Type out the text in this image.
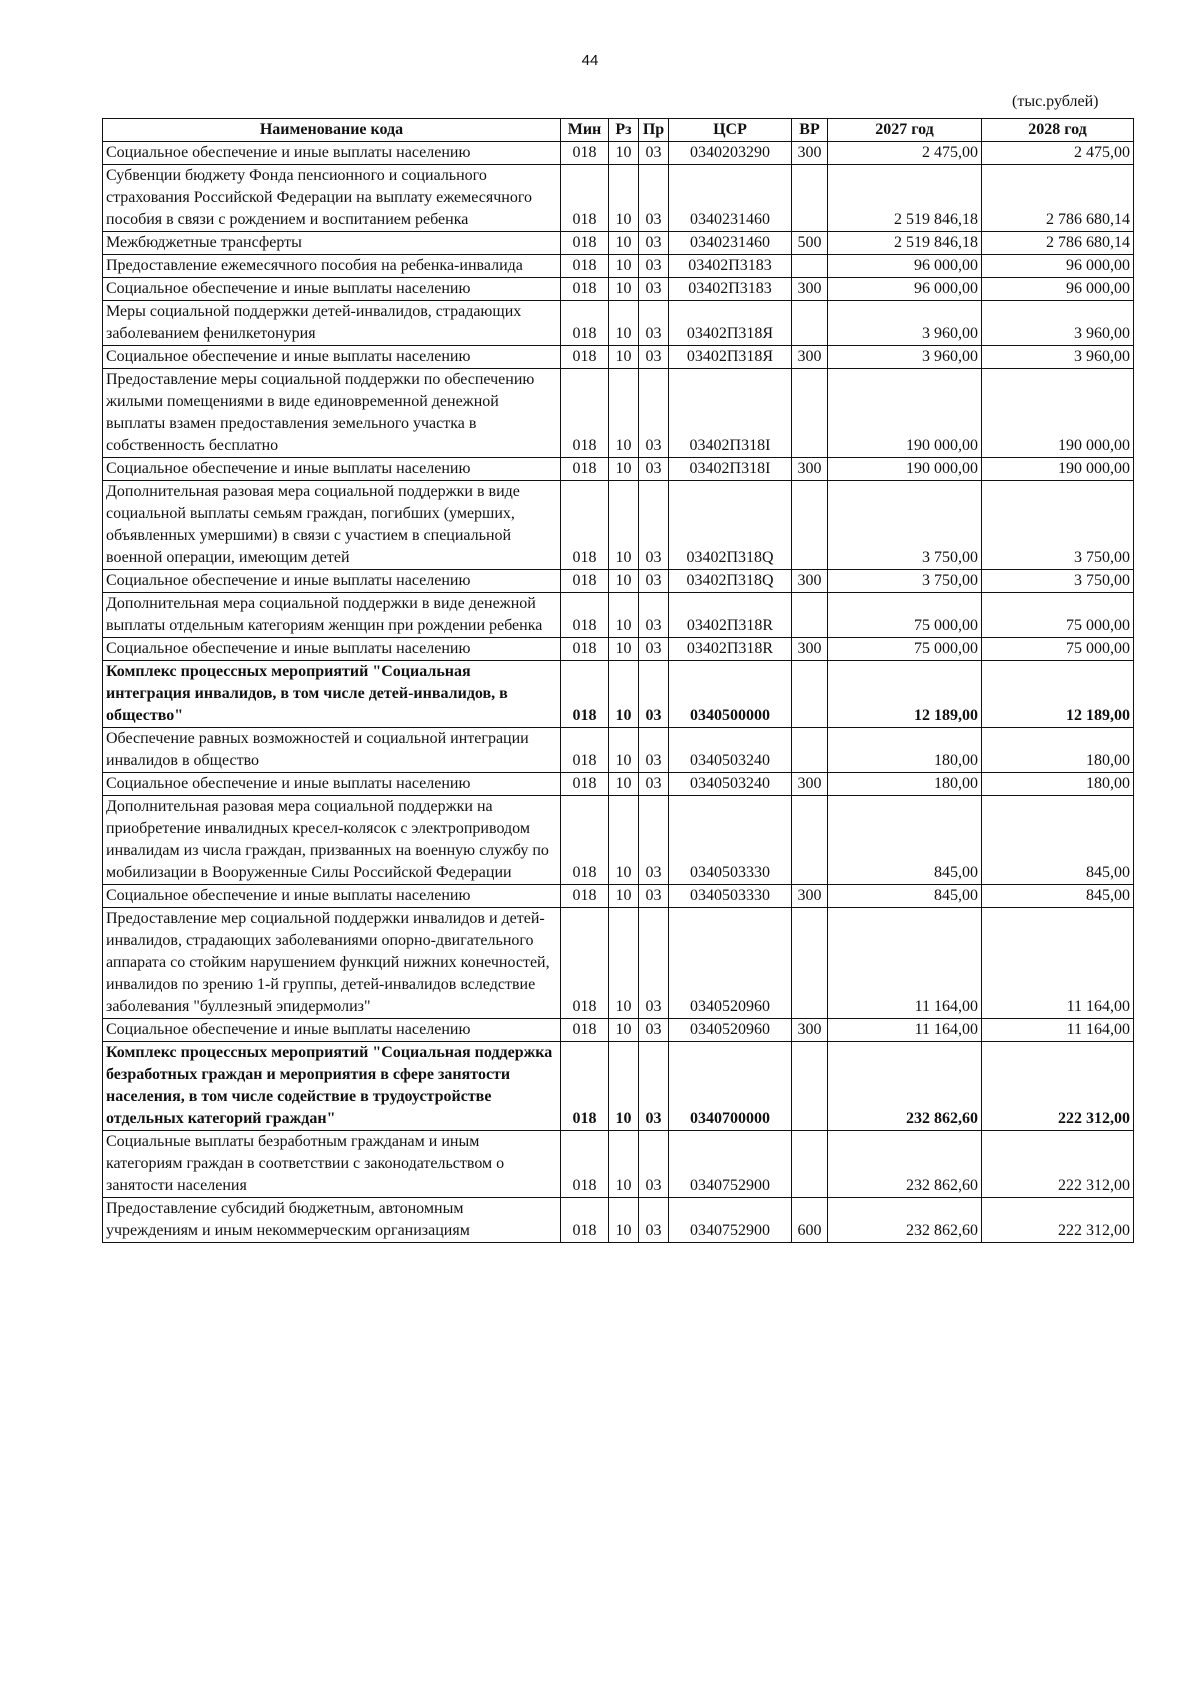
44
(тыс.рублей)
Наименование кода	Мин	Рз	Пр	ЦСР	ВР	2027 год	2028 год
Социальное обеспечение и иные выплаты населению	018	10	03	0340203290	300	2 475,00	2 475,00
Субвенции бюджету Фонда пенсионного и социального страхования Российской Федерации на выплату ежемесячного пособия в связи с рождением и воспитанием ребенка	018	10	03	0340231460		2 519 846,18	2 786 680,14
Межбюджетные трансферты	018	10	03	0340231460	500	2 519 846,18	2 786 680,14
Предоставление ежемесячного пособия на ребенка-инвалида	018	10	03	03402П3183		96 000,00	96 000,00
Социальное обеспечение и иные выплаты населению	018	10	03	03402П3183	300	96 000,00	96 000,00
Меры социальной поддержки детей-инвалидов, страдающих заболеванием фенилкетонурия	018	10	03	03402П318Я		3 960,00	3 960,00
Социальное обеспечение и иные выплаты населению	018	10	03	03402П318Я	300	3 960,00	3 960,00
Предоставление меры социальной поддержки по обеспечению жилыми помещениями в виде единовременной денежной выплаты взамен предоставления земельного участка в собственность бесплатно	018	10	03	03402П318I		190 000,00	190 000,00
Социальное обеспечение и иные выплаты населению	018	10	03	03402П318I	300	190 000,00	190 000,00
Дополнительная разовая мера социальной поддержки в виде социальной выплаты семьям граждан, погибших (умерших, объявленных умершими) в связи с участием в специальной военной операции, имеющим детей	018	10	03	03402П318Q		3 750,00	3 750,00
Социальное обеспечение и иные выплаты населению	018	10	03	03402П318Q	300	3 750,00	3 750,00
Дополнительная мера социальной поддержки в виде денежной выплаты отдельным категориям женщин при рождении ребенка	018	10	03	03402П318R		75 000,00	75 000,00
Социальное обеспечение и иные выплаты населению	018	10	03	03402П318R	300	75 000,00	75 000,00
Комплекс процессных мероприятий "Социальная интеграция инвалидов, в том числе детей-инвалидов, в общество"	018	10	03	0340500000		12 189,00	12 189,00
Обеспечение равных возможностей и социальной интеграции инвалидов в общество	018	10	03	0340503240		180,00	180,00
Социальное обеспечение и иные выплаты населению	018	10	03	0340503240	300	180,00	180,00
Дополнительная разовая мера социальной поддержки на приобретение инвалидных кресел-колясок с электроприводом инвалидам из числа граждан, призванных на военную службу по мобилизации в Вооруженные Силы Российской Федерации	018	10	03	0340503330		845,00	845,00
Социальное обеспечение и иные выплаты населению	018	10	03	0340503330	300	845,00	845,00
Предоставление мер социальной поддержки инвалидов и детей-инвалидов, страдающих заболеваниями опорно-двигательного аппарата со стойким нарушением функций нижних конечностей, инвалидов по зрению 1-й группы, детей-инвалидов вследствие заболевания "буллезный эпидермолиз"	018	10	03	0340520960		11 164,00	11 164,00
Социальное обеспечение и иные выплаты населению	018	10	03	0340520960	300	11 164,00	11 164,00
Комплекс процессных мероприятий "Социальная поддержка безработных граждан и мероприятия в сфере занятости населения, в том числе содействие в трудоустройстве отдельных категорий граждан"	018	10	03	0340700000		232 862,60	222 312,00
Социальные выплаты безработным гражданам и иным категориям граждан в соответствии с законодательством о занятости населения	018	10	03	0340752900		232 862,60	222 312,00
Предоставление субсидий бюджетным, автономным учреждениям и иным некоммерческим организациям	018	10	03	0340752900	600	232 862,60	222 312,00
